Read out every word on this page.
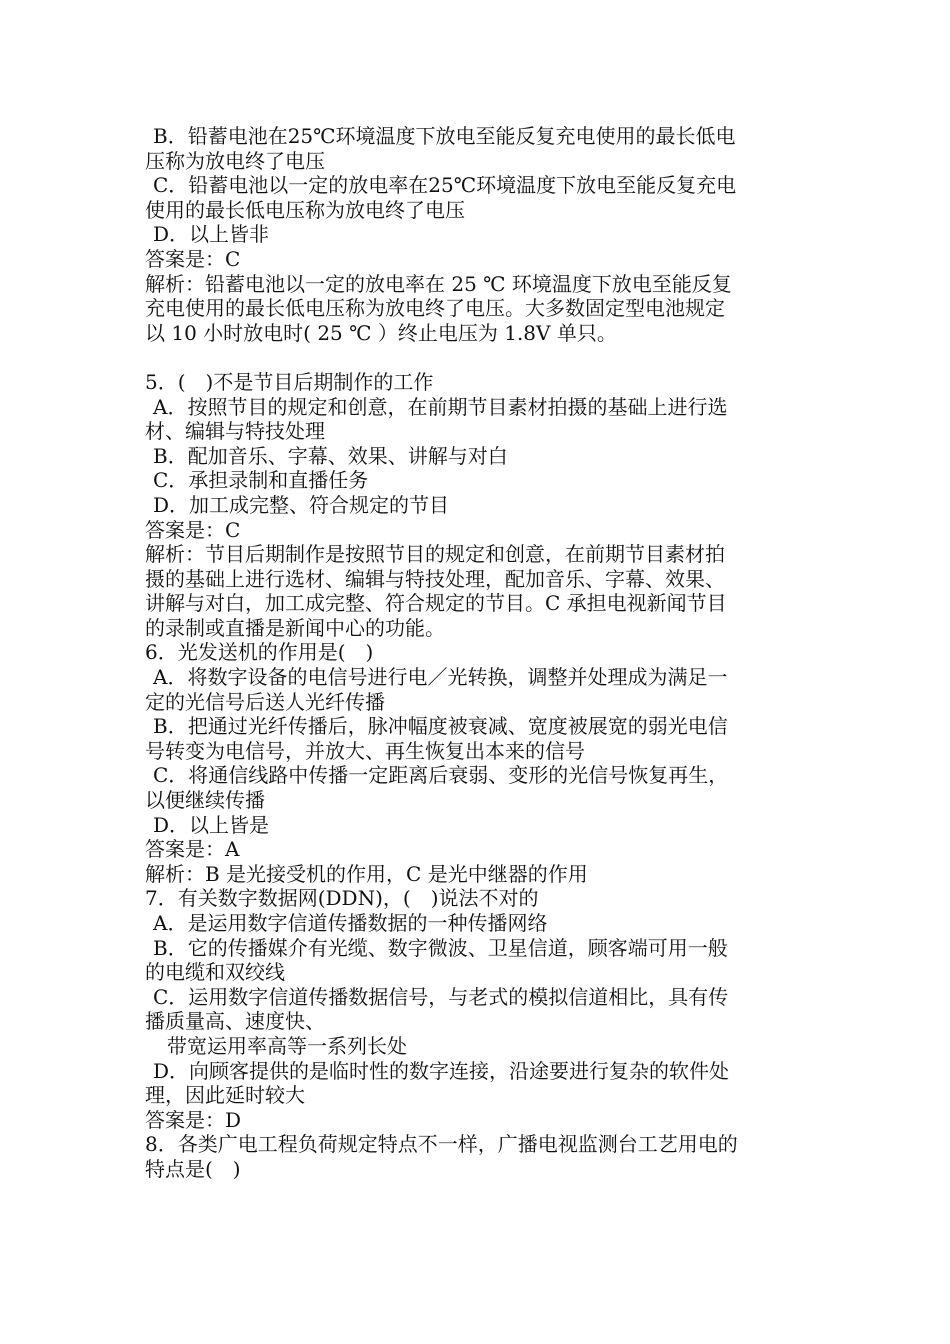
B．铅蓄电池在25℃环境温度下放电至能反复充电使用的最长低电
压称为放电终了电压
C．铅蓄电池以一定的放电率在25℃环境温度下放电至能反复充电
使用的最长低电压称为放电终了电压
D．以上皆非
答案是：C
解析：铅蓄电池以一定的放电率在 25 ℃ 环境温度下放电至能反复
充电使用的最长低电压称为放电终了电压。大多数固定型电池规定
以 10 小时放电时( 25 ℃ ）终止电压为 1.8V 单只。
5．(　)不是节目后期制作的工作
A．按照节目的规定和创意，在前期节目素材拍摄的基础上进行选
材、编辑与特技处理
B．配加音乐、字幕、效果、讲解与对白
C．承担录制和直播任务
D．加工成完整、符合规定的节目
答案是：C
解析：节目后期制作是按照节目的规定和创意，在前期节目素材拍
摄的基础上进行选材、编辑与特技处理，配加音乐、字幕、效果、
讲解与对白，加工成完整、符合规定的节目。C 承担电视新闻节目
的录制或直播是新闻中心的功能。
6．光发送机的作用是(　)
A．将数字设备的电信号进行电／光转换，调整并处理成为满足一
定的光信号后送人光纤传播
B．把通过光纤传播后，脉冲幅度被衰减、宽度被展宽的弱光电信
号转变为电信号，并放大、再生恢复出本来的信号
C．将通信线路中传播一定距离后衰弱、变形的光信号恢复再生，
以便继续传播
D．以上皆是
答案是：A
解析：B 是光接受机的作用，C 是光中继器的作用
7．有关数字数据网(DDN)，(　)说法不对的
A．是运用数字信道传播数据的一种传播网络
B．它的传播媒介有光缆、数字微波、卫星信道，顾客端可用一般
的电缆和双绞线
C．运用数字信道传播数据信号，与老式的模拟信道相比，具有传
播质量高、速度快、
带宽运用率高等一系列长处
D．向顾客提供的是临时性的数字连接，沿途要进行复杂的软件处
理，因此延时较大
答案是：D
8．各类广电工程负荷规定特点不一样，广播电视监测台工艺用电的
特点是(　)
